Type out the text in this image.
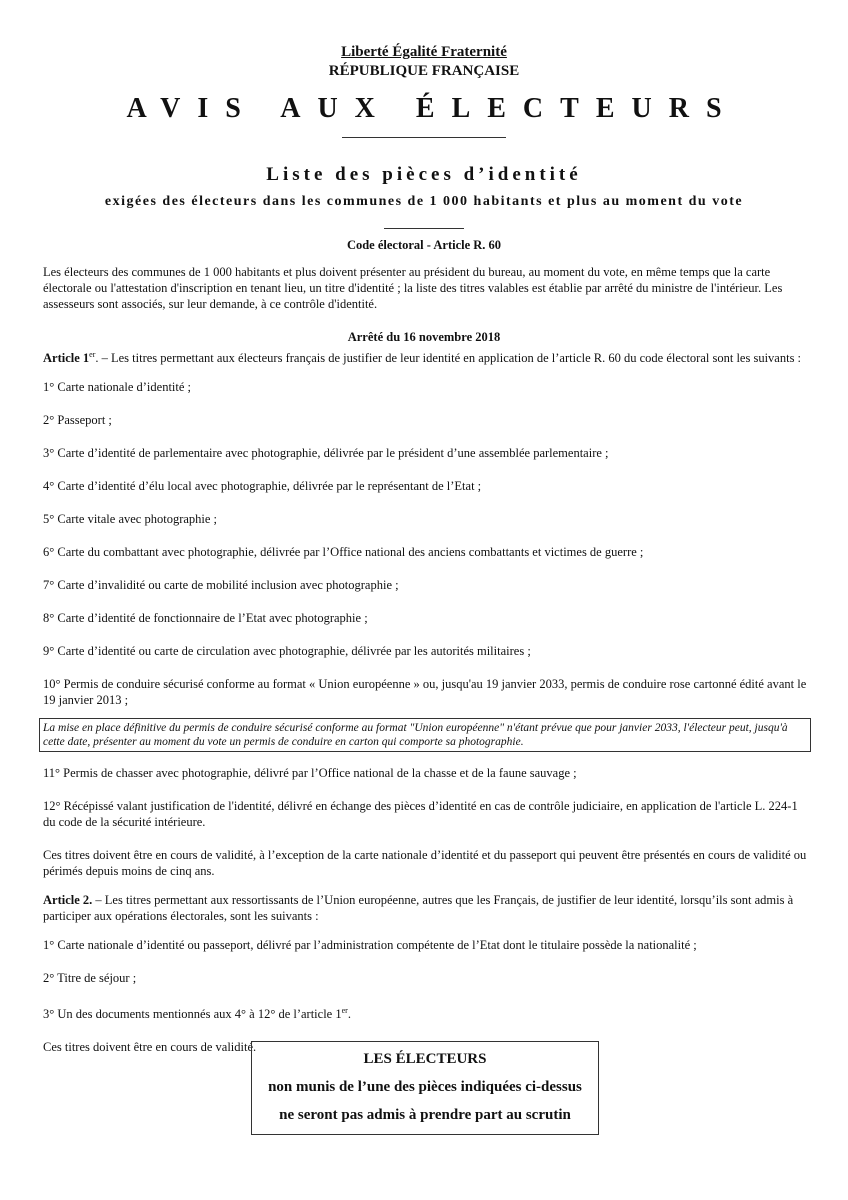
Liberté Égalité Fraternité
RÉPUBLIQUE FRANÇAISE
AVIS AUX ÉLECTEURS
Liste des pièces d’identité
exigées des électeurs dans les communes de 1 000 habitants et plus au moment du vote
Code électoral - Article R. 60
Les électeurs des communes de 1 000 habitants et plus doivent présenter au président du bureau, au moment du vote, en même temps que la carte électorale ou l'attestation d'inscription en tenant lieu, un titre d'identité ; la liste des titres valables est établie par arrêté du ministre de l'intérieur. Les assesseurs sont associés, sur leur demande, à ce contrôle d'identité.
Arrêté du 16 novembre 2018

Article 1er. – Les titres permettant aux électeurs français de justifier de leur identité en application de l’article R. 60 du code électoral sont les suivants :

1° Carte nationale d’identité ;
2° Passeport ;
3° Carte d’identité de parlementaire avec photographie, délivrée par le président d’une assemblée parlementaire ;
4° Carte d’identité d’élu local avec photographie, délivrée par le représentant de l’Etat ;
5° Carte vitale avec photographie ;
6° Carte du combattant avec photographie, délivrée par l’Office national des anciens combattants et victimes de guerre ;
7° Carte d’invalidité ou carte de mobilité inclusion avec photographie ;
8° Carte d’identité de fonctionnaire de l’Etat avec photographie ;
9° Carte d’identité ou carte de circulation avec photographie, délivrée par les autorités militaires ;
10° Permis de conduire sécurisé conforme au format « Union européenne » ou, jusqu'au 19 janvier 2033, permis de conduire rose cartonné édité avant le 19 janvier 2013 ;
La mise en place définitive du permis de conduire sécurisé conforme au format "Union européenne" n'étant prévue que pour janvier 2033, l'électeur peut, jusqu'à cette date, présenter au moment du vote un permis de conduire en carton qui comporte sa photographie.
11° Permis de chasser avec photographie, délivré par l’Office national de la chasse et de la faune sauvage ;
12° Récépissé valant justification de l'identité, délivré en échange des pièces d’identité en cas de contrôle judiciaire, en application de l'article L. 224-1 du code de la sécurité intérieure.

Ces titres doivent être en cours de validité, à l’exception de la carte nationale d’identité et du passeport qui peuvent être présentés en cours de validité ou périmés depuis moins de cinq ans.

Article 2. – Les titres permettant aux ressortissants de l’Union européenne, autres que les Français, de justifier de leur identité, lorsqu’ils sont admis à participer aux opérations électorales, sont les suivants :

1° Carte nationale d’identité ou passeport, délivré par l’administration compétente de l’Etat dont le titulaire possède la nationalité ;
2° Titre de séjour ;
3° Un des documents mentionnés aux 4° à 12° de l’article 1er.

Ces titres doivent être en cours de validité.

LES ÉLECTEURS
non munis de l’une des pièces indiquées ci-dessus
ne seront pas admis à prendre part au scrutin
